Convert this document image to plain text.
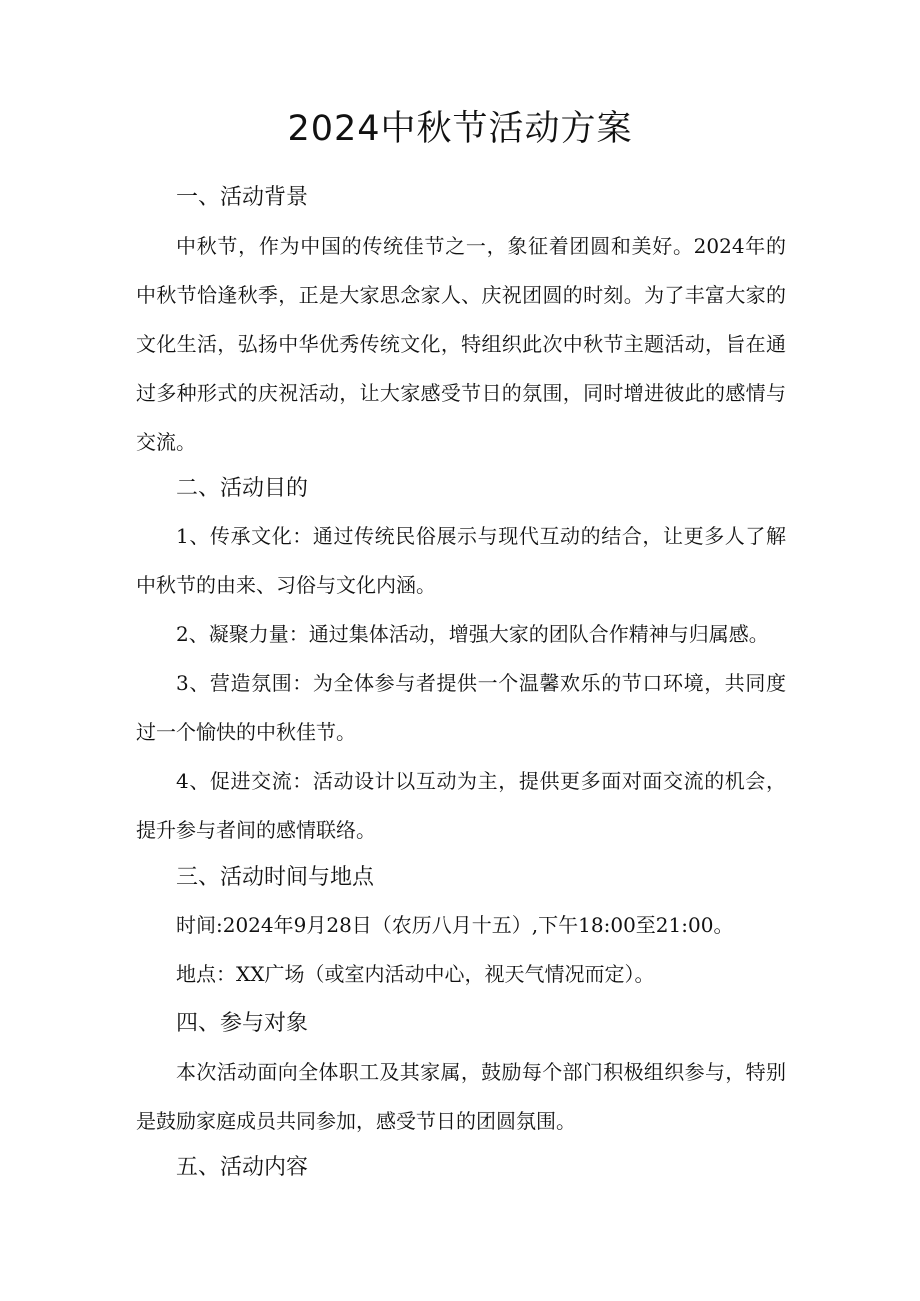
2024中秋节活动方案
一、活动背景
中秋节，作为中国的传统佳节之一，象征着团圆和美好。2024年的中秋节恰逢秋季，正是大家思念家人、庆祝团圆的时刻。为了丰富大家的文化生活，弘扬中华优秀传统文化，特组织此次中秋节主题活动，旨在通过多种形式的庆祝活动，让大家感受节日的氛围，同时增进彼此的感情与交流。
二、活动目的
1、传承文化：通过传统民俗展示与现代互动的结合，让更多人了解中秋节的由来、习俗与文化内涵。
2、凝聚力量：通过集体活动，增强大家的团队合作精神与归属感。
3、营造氛围：为全体参与者提供一个温馨欢乐的节口环境，共同度过一个愉快的中秋佳节。
4、促进交流：活动设计以互动为主，提供更多面对面交流的机会，提升参与者间的感情联络。
三、活动时间与地点
时间:2024年9月28日（农历八月十五）,下午18:00至21:00。
地点：XX广场（或室内活动中心，视天气情况而定）。
四、参与对象
本次活动面向全体职工及其家属，鼓励每个部门积极组织参与，特别是鼓励家庭成员共同参加，感受节日的团圆氛围。
五、活动内容
